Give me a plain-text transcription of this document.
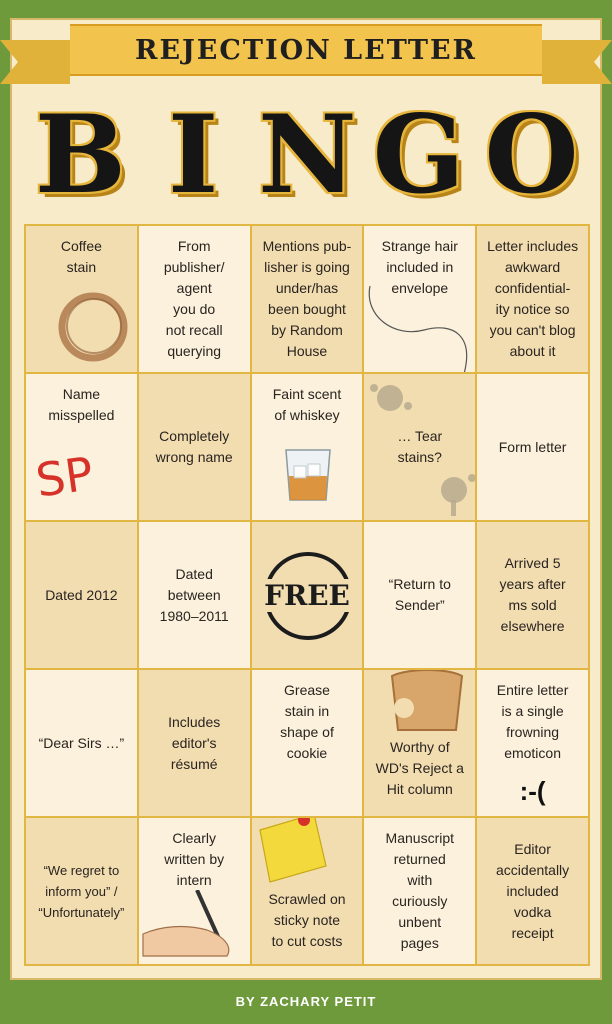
REJECTION LETTER
B I N G O
Coffee
stain
From
publisher/
agent
you do
not recall
querying
Mentions pub-
lisher is going
under/has
been bought
by Random
House
Strange hair
included in
envelope
Letter includes
awkward
confidential-
ity notice so
you can't blog
about it
Name
misspelled
SP
Completely
wrong name
Faint scent
of whiskey
… Tear
stains?
Form letter
Dated 2012
Dated
between
1980–2011
FREE	“Return to
Sender”
Arrived 5
years after
ms sold
elsewhere
“Dear Sirs …”
Includes
editor's
résumé
Grease
stain in
shape of
cookie	Worthy of
WD's Reject a
Hit column
Entire letter
is a single
frowning
emoticon
:-(
“We regret to
inform you” /
“Unfortunately”
Clearly
written by
intern
Scrawled on
sticky note
to cut costs
Manuscript
returned
with
curiously
unbent
pages
Editor
accidentally
included
vodka
receipt
BY ZACHARY PETIT
